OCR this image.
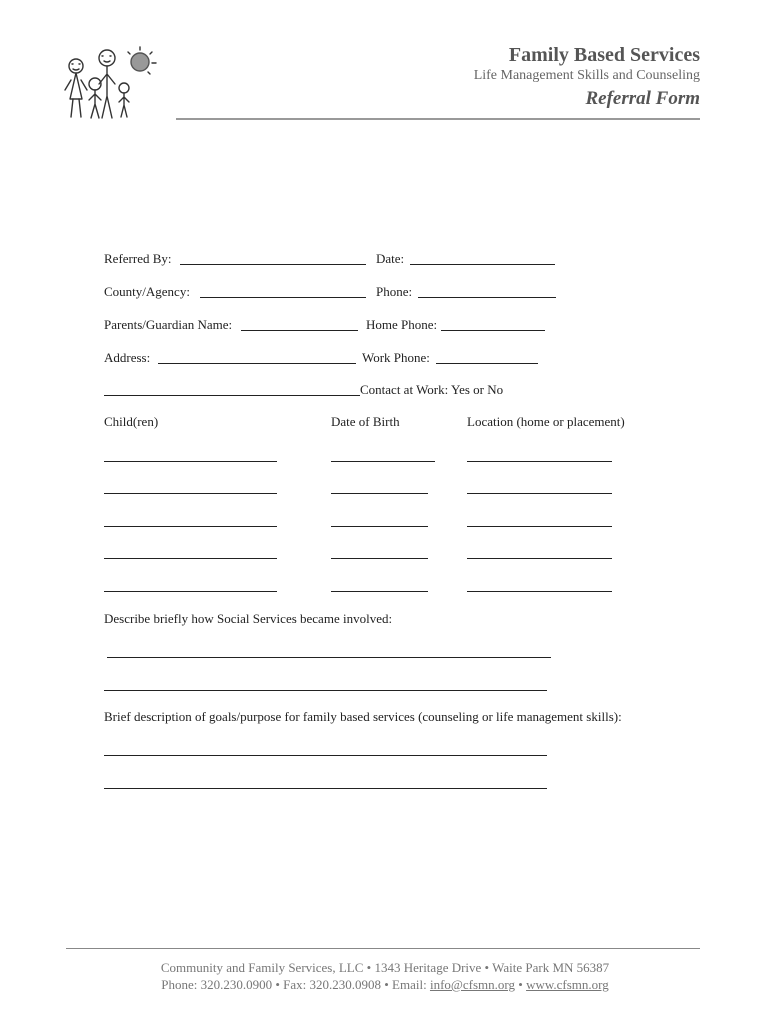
Family Based Services
Life Management Skills and Counseling
Referral Form
Referred By:	Date:
County/Agency:	Phone:
Parents/Guardian Name:	Home Phone:
Address:	Work Phone:
Contact at Work: Yes or No
Child(ren)	Date of Birth	Location (home or placement)
Describe briefly how Social Services became involved:
Brief description of goals/purpose for family based services (counseling or life management skills):
Community and Family Services, LLC • 1343 Heritage Drive • Waite Park MN 56387
Phone: 320.230.0900 • Fax: 320.230.0908 • Email: info@cfsmn.org • www.cfsmn.org
